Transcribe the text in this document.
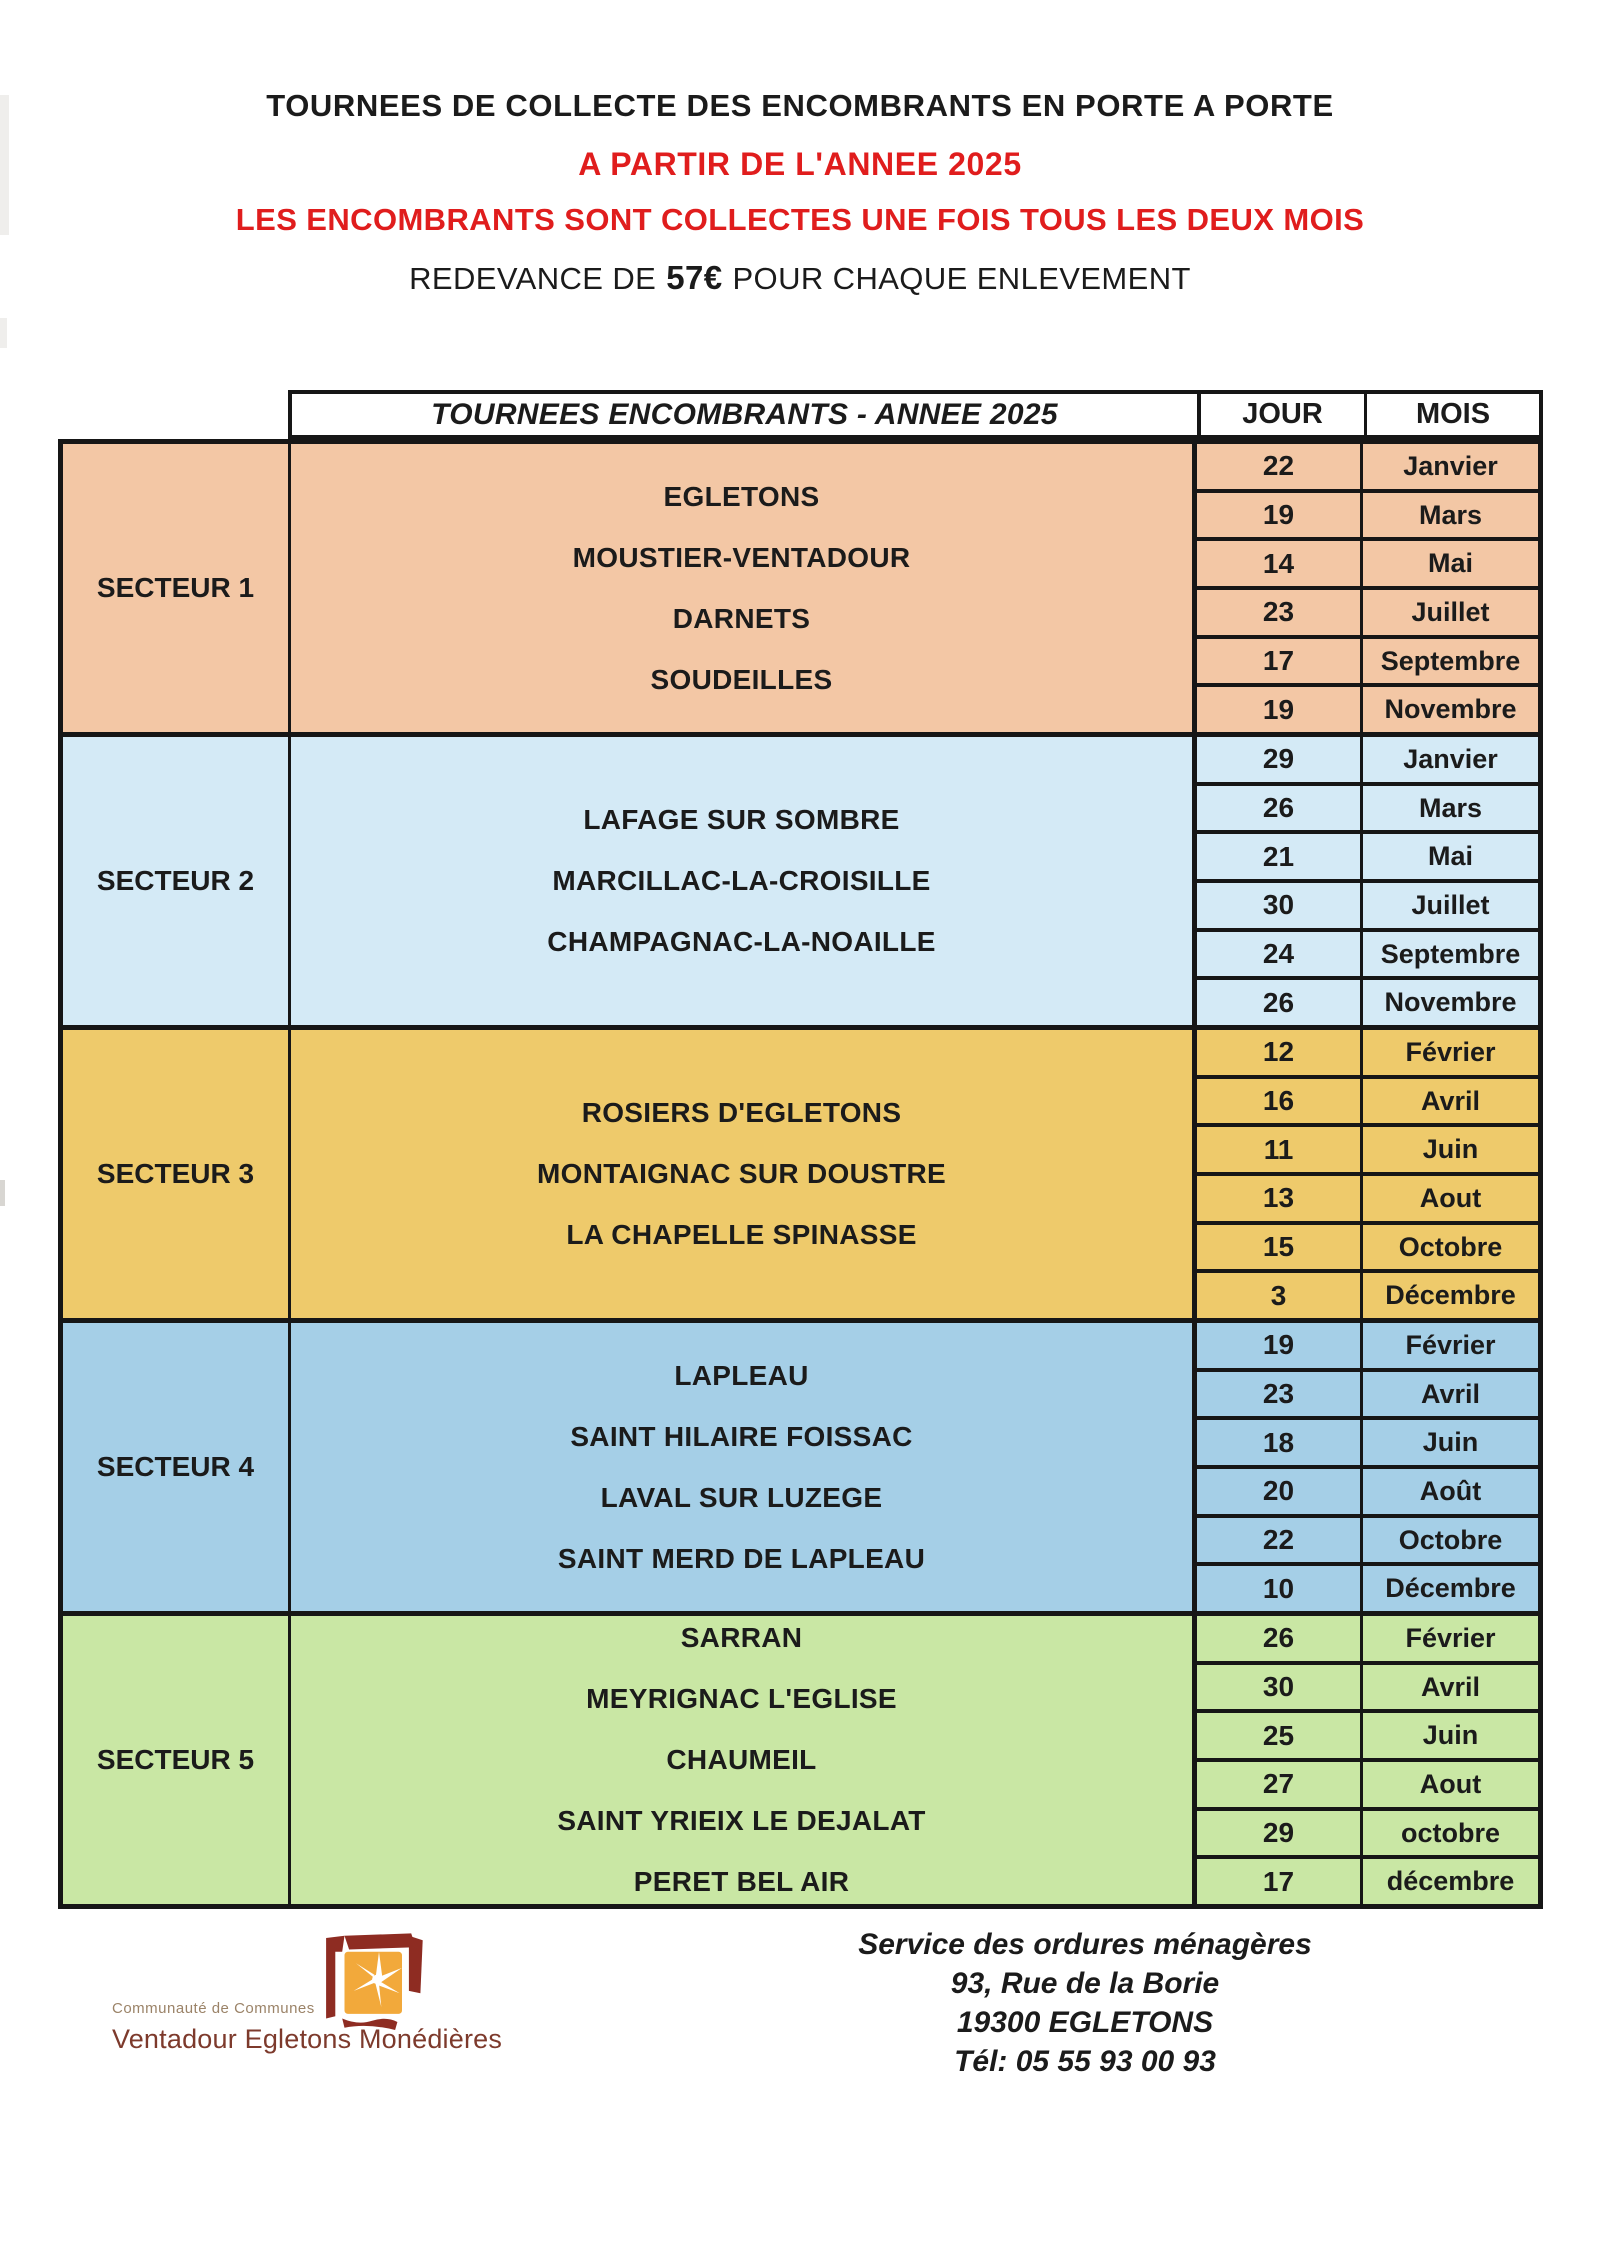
TOURNEES DE COLLECTE DES ENCOMBRANTS EN PORTE A PORTE
A PARTIR DE L'ANNEE 2025
LES ENCOMBRANTS SONT COLLECTES UNE FOIS TOUS LES DEUX MOIS
REDEVANCE DE 57€ POUR CHAQUE ENLEVEMENT
TOURNEES ENCOMBRANTS - ANNEE 2025	JOUR	MOIS
SECTEUR 1
EGLETONS
MOUSTIER-VENTADOUR
DARNETS
SOUDEILLES
22	Janvier
19	Mars
14	Mai
23	Juillet
17	Septembre
19	Novembre
SECTEUR 2
LAFAGE SUR SOMBRE
MARCILLAC-LA-CROISILLE
CHAMPAGNAC-LA-NOAILLE
29	Janvier
26	Mars
21	Mai
30	Juillet
24	Septembre
26	Novembre
SECTEUR 3
ROSIERS D'EGLETONS
MONTAIGNAC SUR DOUSTRE
LA CHAPELLE SPINASSE
12	Février
16	Avril
11	Juin
13	Aout
15	Octobre
3	Décembre
SECTEUR 4
LAPLEAU
SAINT HILAIRE FOISSAC
LAVAL SUR LUZEGE
SAINT MERD DE LAPLEAU
19	Février
23	Avril
18	Juin
20	Août
22	Octobre
10	Décembre
SECTEUR 5
SARRAN
MEYRIGNAC L'EGLISE
CHAUMEIL
SAINT YRIEIX LE DEJALAT
PERET BEL AIR
26	Février
30	Avril
25	Juin
27	Aout
29	octobre
17	décembre
Communauté de Communes
Ventadour Egletons Monédières
Service des ordures ménagères
93, Rue de la Borie
19300 EGLETONS
Tél: 05 55 93 00 93
